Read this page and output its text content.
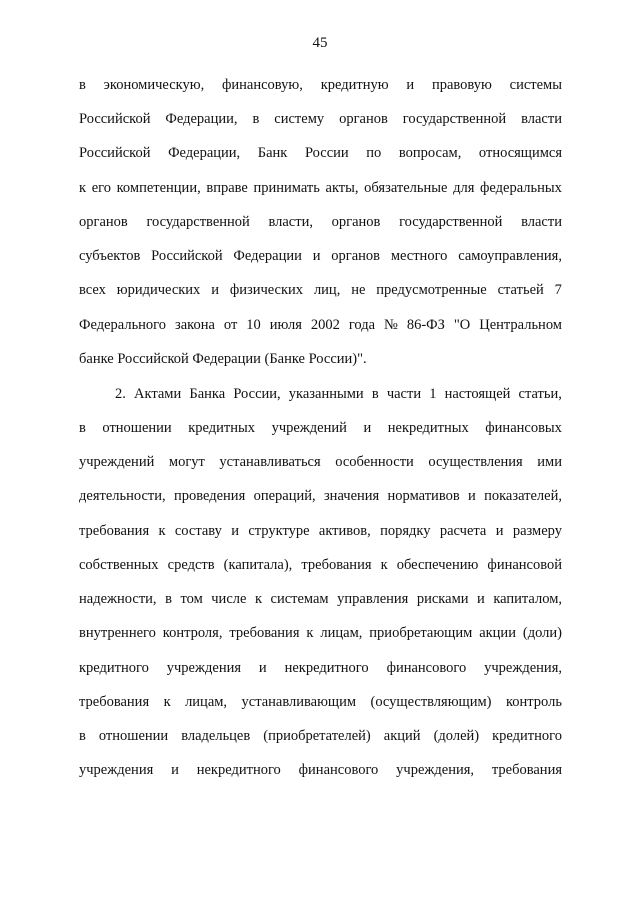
45
в экономическую, финансовую, кредитную и правовую системы
Российской Федерации, в систему органов государственной власти
Российской Федерации, Банк России по вопросам, относящимся
к его компетенции, вправе принимать акты, обязательные для федеральных
органов государственной власти, органов государственной власти
субъектов Российской Федерации и органов местного самоуправления,
всех юридических и физических лиц, не предусмотренные статьей 7
Федерального закона от 10 июля 2002 года № 86-ФЗ "О Центральном
банке Российской Федерации (Банке России)".
2. Актами Банка России, указанными в части 1 настоящей статьи,
в отношении кредитных учреждений и некредитных финансовых
учреждений могут устанавливаться особенности осуществления ими
деятельности, проведения операций, значения нормативов и показателей,
требования к составу и структуре активов, порядку расчета и размеру
собственных средств (капитала), требования к обеспечению финансовой
надежности, в том числе к системам управления рисками и капиталом,
внутреннего контроля, требования к лицам, приобретающим акции (доли)
кредитного учреждения и некредитного финансового учреждения,
требования к лицам, устанавливающим (осуществляющим) контроль
в отношении владельцев (приобретателей) акций (долей) кредитного
учреждения и некредитного финансового учреждения, требования
